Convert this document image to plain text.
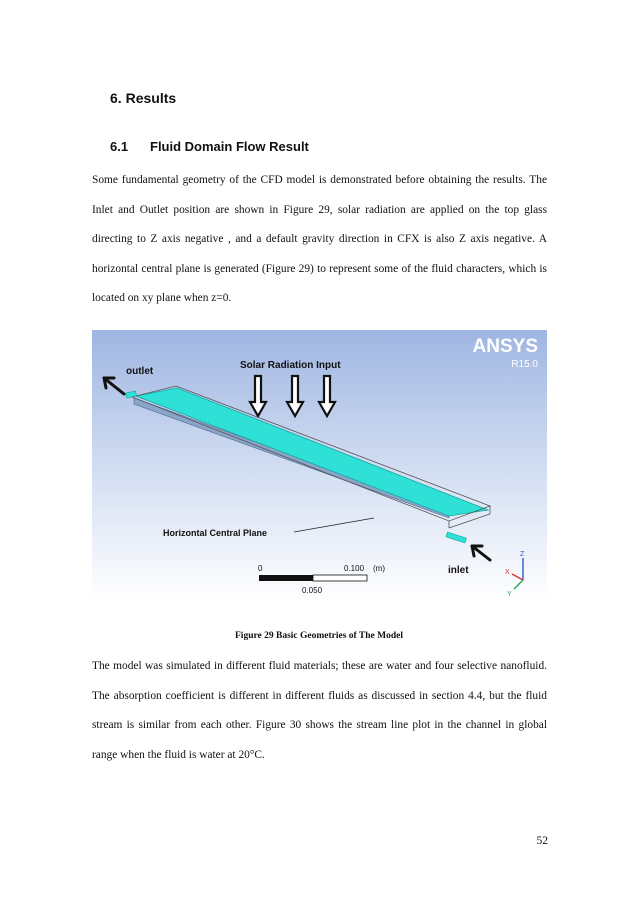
6. Results
6.1 Fluid Domain Flow Result

Some fundamental geometry of the CFD model is demonstrated before obtaining the results. The Inlet and Outlet position are shown in Figure 29, solar radiation are applied on the top glass directing to Z axis negative , and a default gravity direction in CFX is also Z axis negative. A horizontal central plane is generated (Figure 29) to represent some of the fluid characters, which is located on xy plane when z=0.

ANSYS
R15.0
Solar Radiation Input
outlet
inlet
Horizontal Central Plane
0	0.100 (m)
0.050
Z
X
Y
Figure 29 Basic Geometries of The Model

The model was simulated in different fluid materials; these are water and four selective nanofluid. The absorption coefficient is different in different fluids as discussed in section 4.4, but the fluid stream is similar from each other. Figure 30 shows the stream line plot in the channel in global range when the fluid is water at 20°C.

52
